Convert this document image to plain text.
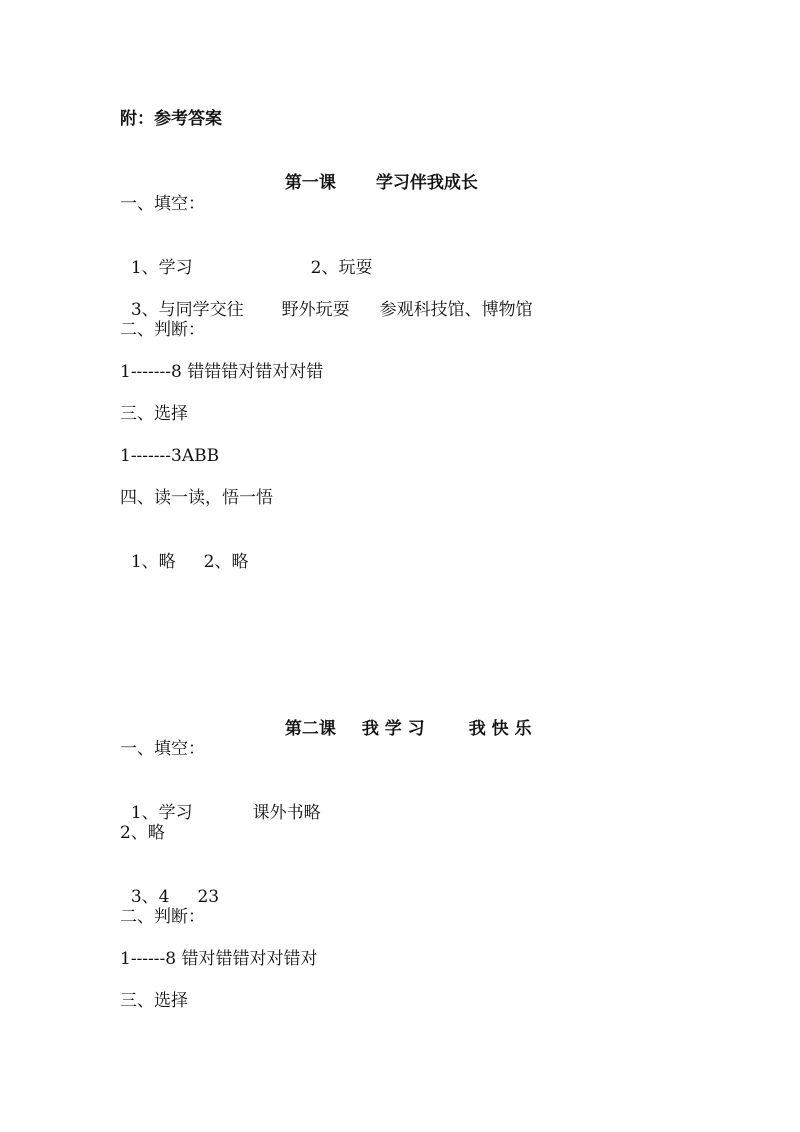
附：参考答案

第一课 学习伴我成长

一、填空：

1、学习	2、玩耍

3、与同学交往 野外玩耍 参观科技馆、博物馆

二、判断：
1-------8 错错错对错对对错
三、选择
1-------3ABB
四、读一读，悟一悟

1、略 2、略

第二课 我 学 习	我 快 乐

一、填空：

1、学习	课外书略

2、略

3、4 23

二、判断：
1------8 错对错错对对错对
三、选择
